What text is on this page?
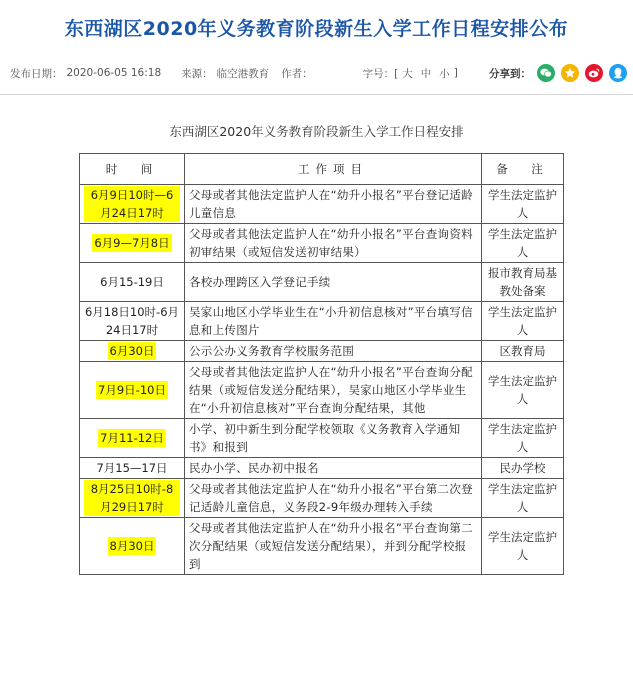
东西湖区2020年义务教育阶段新生入学工作日程安排公布
发布日期： 2020-06-05 16:18 来源： 临空港教育 作者：	字号：[ 大 中 小 ]	分享到：
东西湖区2020年义务教育阶段新生入学工作日程安排
时　间	工作项目	备　注
6月9日10时—6月24日17时	父母或者其他法定监护人在“幼升小报名”平台登记适龄儿童信息	学生法定监护人
6月9—7月8日	父母或者其他法定监护人在“幼升小报名”平台查询资料初审结果（或短信发送初审结果）	学生法定监护人
6月15-19日	各校办理跨区入学登记手续	报市教育局基教处备案
6月18日10时-6月24日17时	吴家山地区小学毕业生在“小升初信息核对”平台填写信息和上传图片	学生法定监护人
6月30日	公示公办义务教育学校服务范围	区教育局
7月9日-10日	父母或者其他法定监护人在“幼升小报名”平台查询分配结果（或短信发送分配结果），吴家山地区小学毕业生在“小升初信息核对”平台查询分配结果，其他	学生法定监护人
7月11-12日	小学、初中新生到分配学校领取《义务教育入学通知书》和报到	学生法定监护人
7月15—17日	民办小学、民办初中报名	民办学校
8月25日10时-8月29日17时	父母或者其他法定监护人在“幼升小报名”平台第二次登记适龄儿童信息，义务段2-9年级办理转入手续	学生法定监护人
8月30日	父母或者其他法定监护人在“幼升小报名”平台查询第二次分配结果（或短信发送分配结果），并到分配学校报到	学生法定监护人
